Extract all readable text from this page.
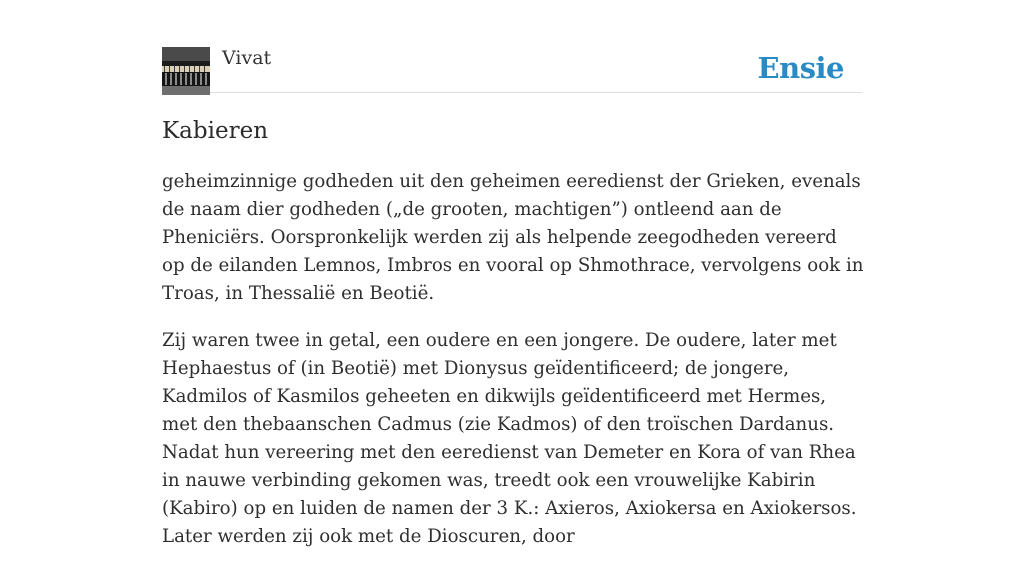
Vivat	Ensie
Kabieren

geheimzinnige godheden uit den geheimen eeredienst der Grieken, evenals de naam dier godheden („de grooten, machtigen”) ontleend aan de Pheniciërs. Oorspronkelijk werden zij als helpende zeegodheden vereerd op de eilanden Lemnos, Imbros en vooral op Shmothrace, vervolgens ook in Troas, in Thessalië en Beotië.

Zij waren twee in getal, een oudere en een jongere. De oudere, later met Hephaestus of (in Beotië) met Dionysus geïdentificeerd; de jongere, Kadmilos of Kasmilos geheeten en dikwijls geïdentificeerd met Hermes, met den thebaanschen Cadmus (zie Kadmos) of den troïschen Dardanus. Nadat hun vereering met den eeredienst van Demeter en Kora of van Rhea in nauwe verbinding gekomen was, treedt ook een vrouwelijke Kabirin (Kabiro) op en luiden de namen der 3 K.: Axieros, Axiokersa en Axiokersos. Later werden zij ook met de Dioscuren, door
